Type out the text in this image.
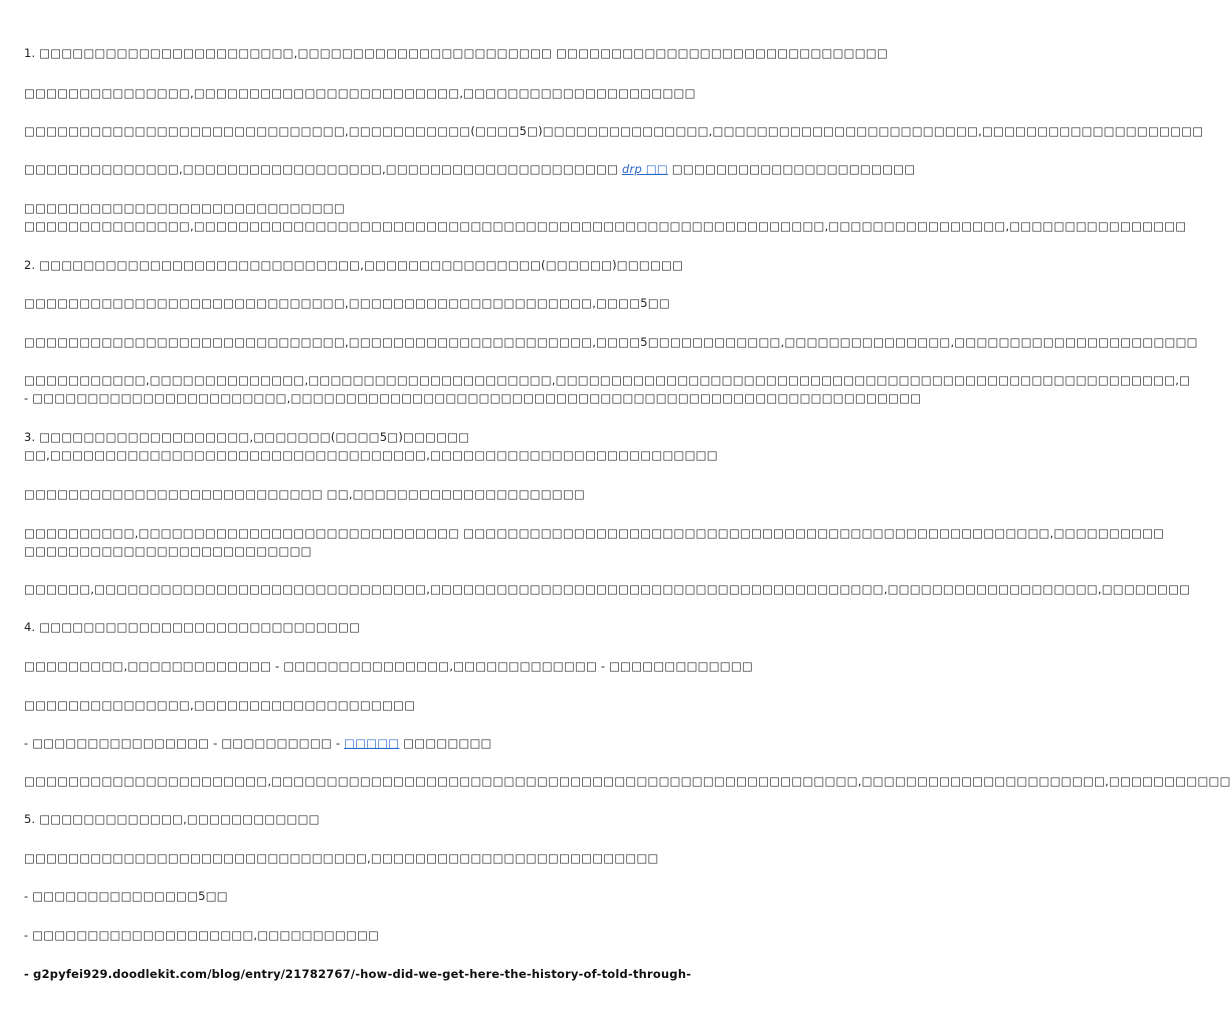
1. □□□□□□□□□□□□□□□□□□□□□□□,□□□□□□□□□□□□□□□□□□□□□□□ □□□□□□□□□□□□□□□□□□□□□□□□□□□□□□
□□□□□□□□□□□□□□□,□□□□□□□□□□□□□□□□□□□□□□□□,□□□□□□□□□□□□□□□□□□□□□
□□□□□□□□□□□□□□□□□□□□□□□□□□□□□,□□□□□□□□□□□(□□□□5□)□□□□□□□□□□□□□□□,□□□□□□□□□□□□□□□□□□□□□□□□,□□□□□□□□□□□□□□□□□□□□
□□□□□□□□□□□□□□,□□□□□□□□□□□□□□□□□□,□□□□□□□□□□□□□□□□□□□□□ drp □□ □□□□□□□□□□□□□□□□□□□□□□
□□□□□□□□□□□□□□□□□□□□□□□□□□□□□
□□□□□□□□□□□□□□□,□□□□□□□□□□□□□□□□□□□□□□□□□□□□□□□□□□□□□□□□□□□□□□□□□□□□□□□□□,□□□□□□□□□□□□□□□□,□□□□□□□□□□□□□□□□
2. □□□□□□□□□□□□□□□□□□□□□□□□□□□□□,□□□□□□□□□□□□□□□□(□□□□□□)□□□□□□
□□□□□□□□□□□□□□□□□□□□□□□□□□□□□,□□□□□□□□□□□□□□□□□□□□□□,□□□□5□□
□□□□□□□□□□□□□□□□□□□□□□□□□□□□□,□□□□□□□□□□□□□□□□□□□□□□,□□□□5□□□□□□□□□□□□,□□□□□□□□□□□□□□□,□□□□□□□□□□□□□□□□□□□□□□
□□□□□□□□□□□,□□□□□□□□□□□□□□,□□□□□□□□□□□□□□□□□□□□□□,□□□□□□□□□□□□□□□□□□□□□□□□□□□□□□□□□□□□□□□□□□□□□□□□□□□□□□□□,□
- □□□□□□□□□□□□□□□□□□□□□□□,□□□□□□□□□□□□□□□□□□□□□□□□□□□□□□□□□□□□□□□□□□□□□□□□□□□□□□□□□
3. □□□□□□□□□□□□□□□□□□□,□□□□□□□(□□□□5□)□□□□□□
□□,□□□□□□□□□□□□□□□□□□□□□□□□□□□□□□□□□□,□□□□□□□□□□□□□□□□□□□□□□□□□□
□□□□□□□□□□□□□□□□□□□□□□□□□□□ □□,□□□□□□□□□□□□□□□□□□□□□
□□□□□□□□□□,□□□□□□□□□□□□□□□□□□□□□□□□□□□□□ □□□□□□□□□□□□□□□□□□□□□□□□□□□□□□□□□□□□□□□□□□□□□□□□□□□□□,□□□□□□□□□□
□□□□□□□□□□□□□□□□□□□□□□□□□□
□□□□□□,□□□□□□□□□□□□□□□□□□□□□□□□□□□□□□,□□□□□□□□□□□□□□□□□□□□□□□□□□□□□□□□□□□□□□□□□,□□□□□□□□□□□□□□□□□□□,□□□□□□□□
4. □□□□□□□□□□□□□□□□□□□□□□□□□□□□□
□□□□□□□□□,□□□□□□□□□□□□□ - □□□□□□□□□□□□□□□,□□□□□□□□□□□□□ - □□□□□□□□□□□□□
□□□□□□□□□□□□□□□,□□□□□□□□□□□□□□□□□□□□
- □□□□□□□□□□□□□□□□ - □□□□□□□□□□ - □□□□□ □□□□□□□□
□□□□□□□□□□□□□□□□□□□□□□,□□□□□□□□□□□□□□□□□□□□□□□□□□□□□□□□□□□□□□□□□□□□□□□□□□□□□,□□□□□□□□□□□□□□□□□□□□□□,□□□□□□□□□□□
5. □□□□□□□□□□□□□,□□□□□□□□□□□□
□□□□□□□□□□□□□□□□□□□□□□□□□□□□□□□,□□□□□□□□□□□□□□□□□□□□□□□□□□
- □□□□□□□□□□□□□□□5□□
- □□□□□□□□□□□□□□□□□□□□,□□□□□□□□□□□
- g2pyfei929.doodlekit.com/blog/entry/21782767/-how-did-we-get-here-the-history-of-told-through-
